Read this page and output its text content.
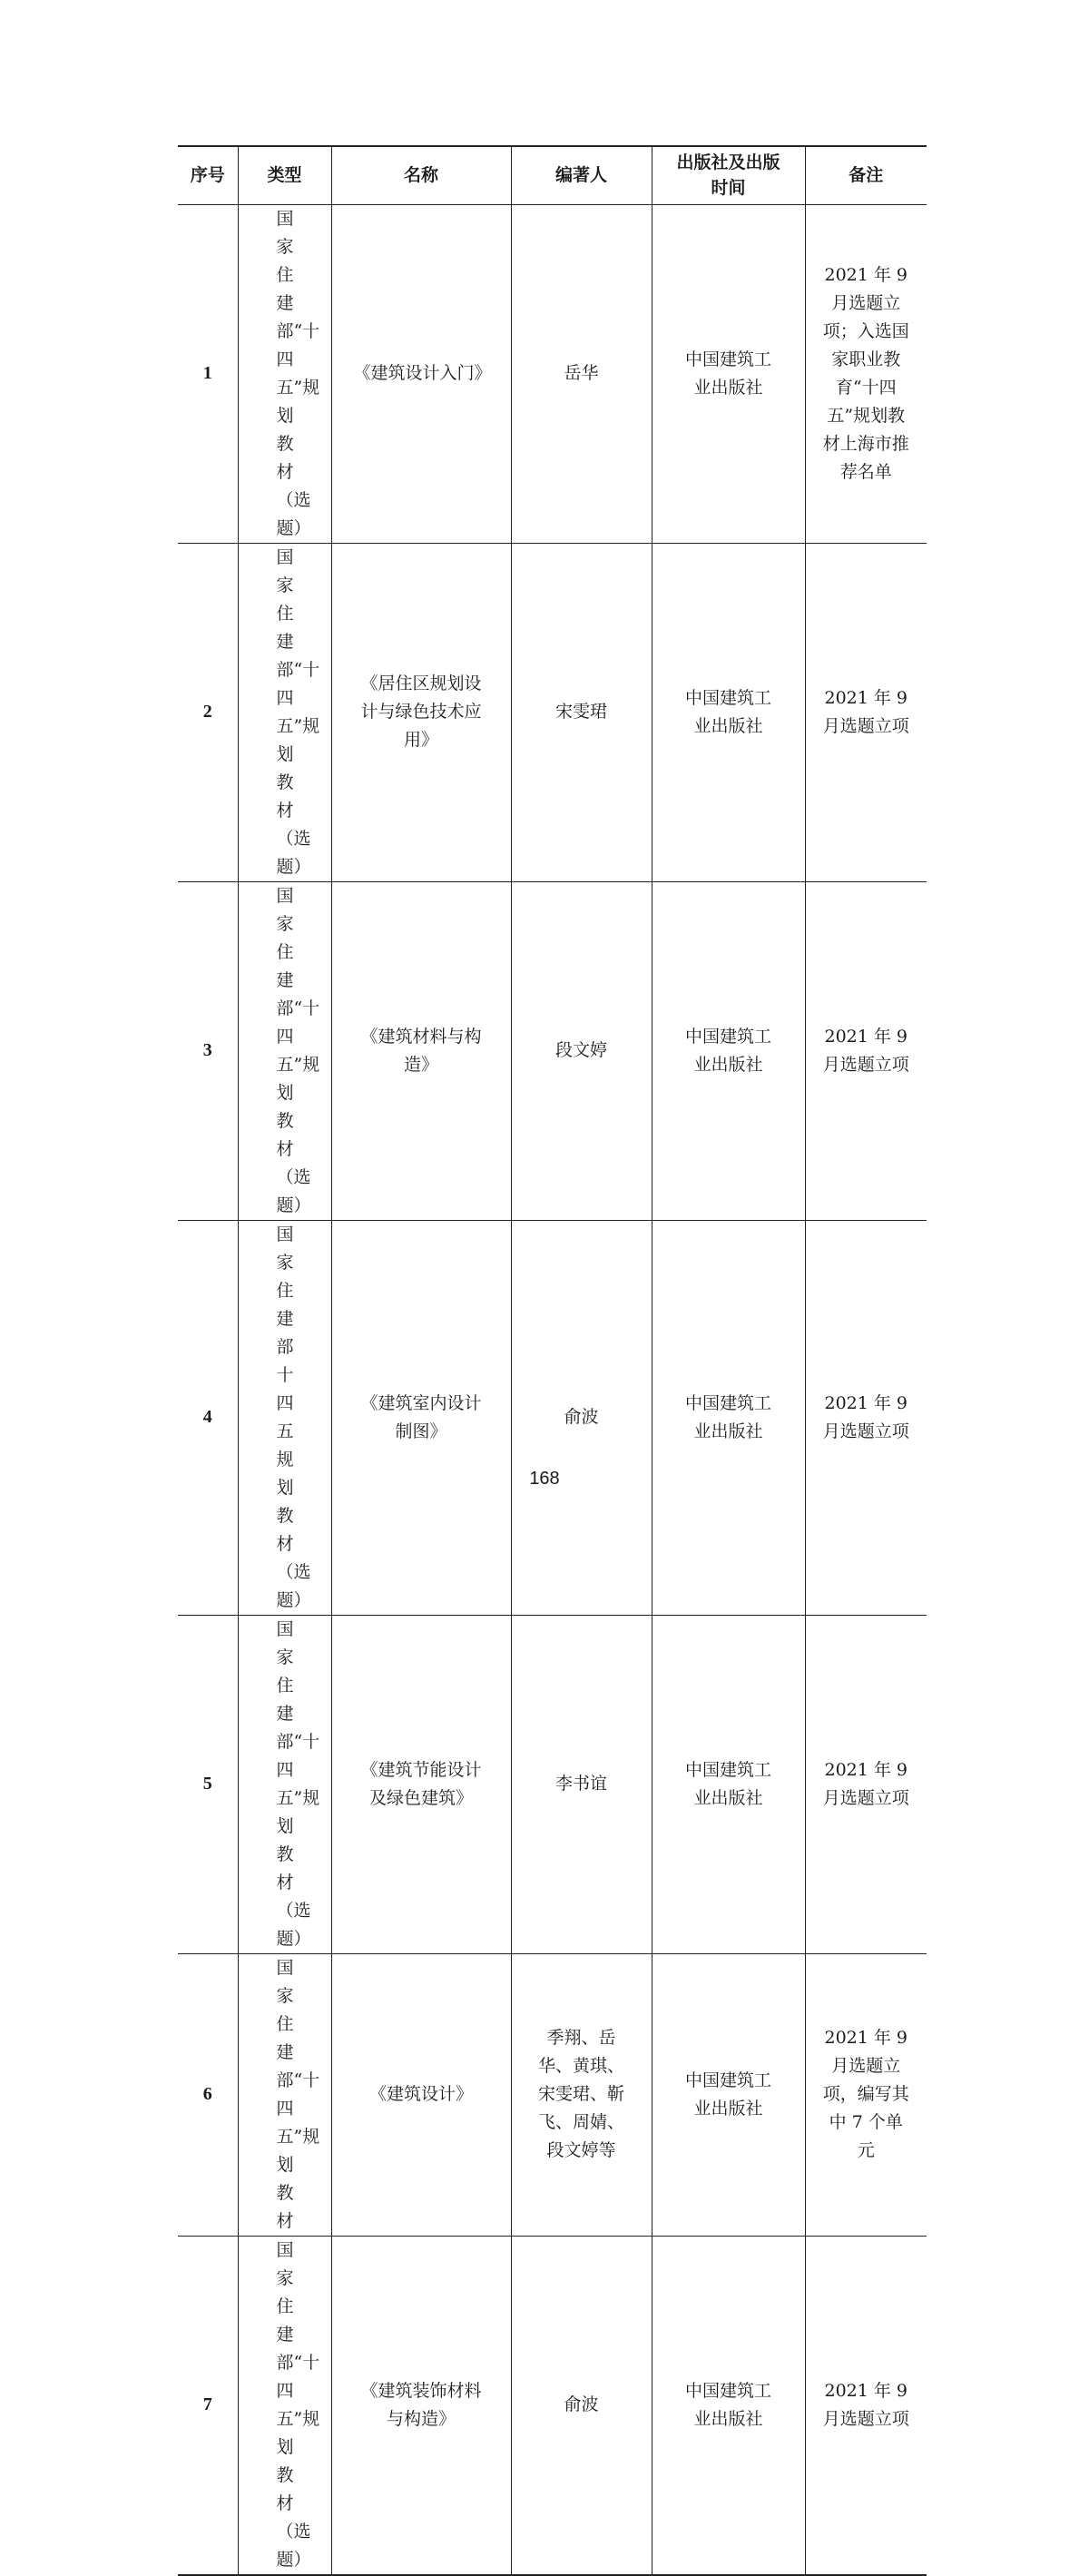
序号	类型	名称	编著人	出版社及出版时间	备注
1	国家住建部“十四五”规划教材（选题）	《建筑设计入门》	岳华	中国建筑工业出版社	2021 年 9 月选题立项；入选国家职业教育“十四五”规划教材上海市推荐名单
2	国家住建部“十四五”规划教材（选题）	《居住区规划设计与绿色技术应用》	宋雯珺	中国建筑工业出版社	2021 年 9 月选题立项
3	国家住建部“十四五”规划教材（选题）	《建筑材料与构造》	段文婷	中国建筑工业出版社	2021 年 9 月选题立项
4	国家住建部十四五规划教材（选题）	《建筑室内设计制图》	俞波	中国建筑工业出版社	2021 年 9 月选题立项
5	国家住建部“十四五”规划教材（选题）	《建筑节能设计及绿色建筑》	李书谊	中国建筑工业出版社	2021 年 9 月选题立项
6	国家住建部“十四五”规划教材	《建筑设计》	季翔、岳华、黄琪、宋雯珺、靳飞、周婧、段文婷等	中国建筑工业出版社	2021 年 9 月选题立项，编写其中 7 个单元
7	国家住建部“十四五”规划教材（选题）	《建筑装饰材料与构造》	俞波	中国建筑工业出版社	2021 年 9 月选题立项
168
